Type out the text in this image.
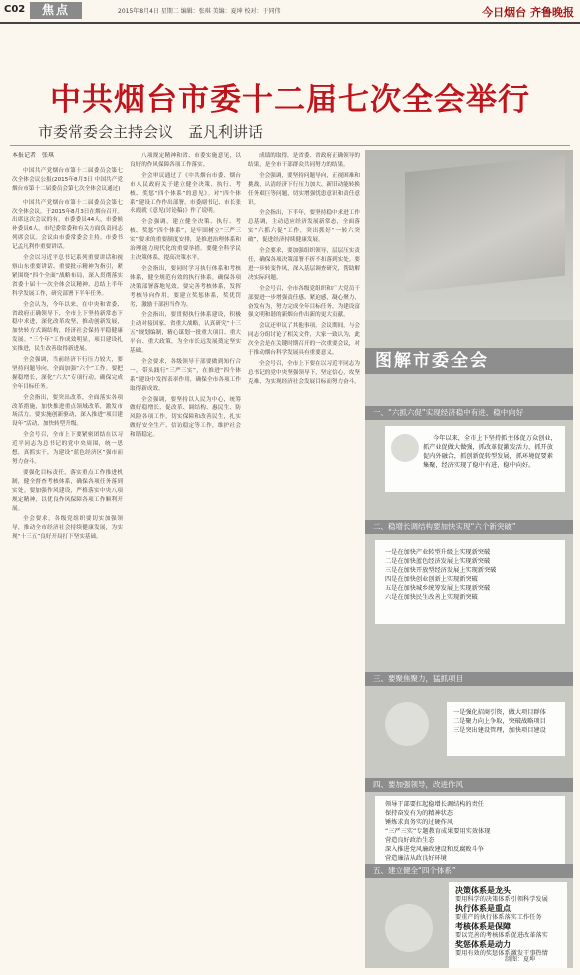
C02	焦点	2015年8月4日 星期二 编辑：张琪 美编：夏坤 校对：于同伟	今日烟台 齐鲁晚报
中共烟台市委十二届七次全会举行
市委常委会主持会议　孟凡利讲话

本报记者　张琪

中国共产党烟台市第十二届委员会第七次全体会议公报(2015年8月3日 中国共产党烟台市第十二届委员会第七次全体会议通过)

中国共产党烟台市第十二届委员会第七次全体会议，于2015年8月3日在烟台召开。出席这次会议的有，市委委员44人，市委候补委员6人。市纪委常委和有关方面负责同志列席会议。会议由市委常委会主持。市委书记孟凡利作重要讲话。

全会以习近平总书记系列重要讲话和视察山东重要讲话、重要批示精神为指引，紧紧围绕“四个全面”战略布局，深入贯彻落实省委十届十一次全体会议精神，总结上半年科学发展工作，研究部署下半年任务。

全会认为，今年以来，在中央和省委、省政府正确领导下，全市上下坚持新常态下稳中求进，深化改革攻坚，推动创新发展，加快转方式调结构，经济社会保持平稳健康发展。“三个年”工作成效明显，项目建设扎实推进，民生改善取得新进展。

全会强调，当前经济下行压力较大，要坚持问题导向，全面加强“六个”工作。要把握稳增长，深化“六大”专项行动，确保完成全年目标任务。

全会指出，要突出改革，全面落实各项改革措施，加快推进重点领域改革，激发市场活力。要实施创新驱动，深入推进“项目建设年”活动，加快转型升级。

全会号召，全市上下要紧密团结在以习近平同志为总书记的党中央周围，统一思想，真抓实干，为建设“蓝色经济区”强市而努力奋斗。

要强化目标责任，落实重点工作推进机制，健全督查考核体系，确保各项任务落到实处。要加强作风建设，严格落实中央八项规定精神，以优良作风保障各项工作顺利开展。

全会要求，各级党组织要切实加强领导，推动全市经济社会持续健康发展，为实现“十三五”良好开局打下坚实基础。

八项规定精神和省、市委实施意见，以良好的作风保障各项工作落实。

全会审议通过了《中共烟台市委、烟台市人民政府关于建立健全决策、执行、考核、奖惩“四个体系”的意见》。对“四个体系”建设工作作出部署。市委副书记、市长张永霞就《意见(讨论稿)》作了说明。

全会强调，建立健全决策、执行、考核、奖惩“四个体系”，是牢固树立“三严三实”要求的重要制度安排，是推进治理体系和治理能力现代化的重要举措。要健全科学民主决策体系，提高决策水平。

全会指出，要同时学习执行体系和考核体系，健全规范有效的执行体系，确保各项决策部署落地见效。要完善考核体系，发挥考核导向作用。要建立奖惩体系，奖优罚劣，激励干部担当作为。

全会指出，要贯彻执行体系建设，积极主动对接国家、省重大战略，认真研究“十三五”规划编制，精心谋划一批重大项目、重大平台、重大政策，为全市长远发展奠定坚实基础。

全会要求，各级领导干部要做到知行合一，带头践行“三严三实”，在推进“四个体系”建设中发挥表率作用，确保全市各项工作取得新成效。

全会强调，要坚持以人民为中心，统筹做好稳增长、促改革、调结构、惠民生、防风险各项工作，切实保障和改善民生，扎实做好安全生产、信访稳定等工作，维护社会和谐稳定。

成绩的取得，是省委、省政府正确领导的结果，是全市干部群众共同努力的结果。

全会强调，要坚持问题导向，正视困难和挑战，认清经济下行压力加大、新旧动能转换任务艰巨等问题，切实增强忧患意识和责任意识。

全会指出，下半年，要坚持稳中求进工作总基调，主动适应经济发展新常态，全面落实“六抓六促”工作，突出抓好“一转六突破”，促进经济持续健康发展。

全会要求，要加强组织领导，层层压实责任，确保各项决策部署不折不扣落到实处。要进一步转变作风，深入基层调查研究，帮助解决实际问题。

全会号召，全市各级党组织和广大党员干部要进一步增强责任感、紧迫感，凝心聚力，奋发有为，努力完成全年目标任务，为建设富强文明和谐的新烟台作出新的更大贡献。

会议还审议了其他事项。会议期间，与会同志分组讨论了相关文件，大家一致认为，此次全会是在关键时期召开的一次重要会议，对于推动烟台科学发展具有重要意义。

全会号召，全市上下要在以习近平同志为总书记的党中央坚强领导下，坚定信心，攻坚克难，为实现经济社会发展目标而努力奋斗。

图解市委全会
一、“六抓六促”实现经济稳中有进、稳中向好
今年以来，全市上下坚持抓主体促万众创业，抓产业促做大做强，抓改革促激发活力，抓开放促内外融合，抓创新促转型发展，抓环境促要素集聚，经济实现了稳中有进、稳中向好。
二、稳增长调结构要加快实现“六个新突破”
一是在加快产业转型升级上实现新突破
二是在加快蓝色经济发展上实现新突破
三是在加快开放型经济发展上实现新突破
四是在加快创业创新上实现新突破
五是在加快城乡统筹发展上实现新突破
六是在加快民生改善上实现新突破
三、要聚焦聚力，猛抓项目
一是强化招商引资，做大项目群体
二是聚力向上争取，突破战略项目
三是突出建设管理，加快项目建设
四、要加强领导，改进作风
领导干部要扛起稳增长调结构的责任
保持奋发有为的精神状态
锤炼求真务实的过硬作风
“三严三实”专题教育成果要用实效体现
营造良好政治生态
深入推进党风廉政建设和反腐败斗争
营造廉洁从政良好环境
五、建立健全“四个体系”
决策体系是龙头
要用科学的决策体系引领科学发展
执行体系是重点
要重产的执行体系落实工作任务
考核体系是保障
要以完善的考核体系促进改革落实
奖惩体系是动力
要用有效的奖惩体系激发干事热情
制图：夏坤
